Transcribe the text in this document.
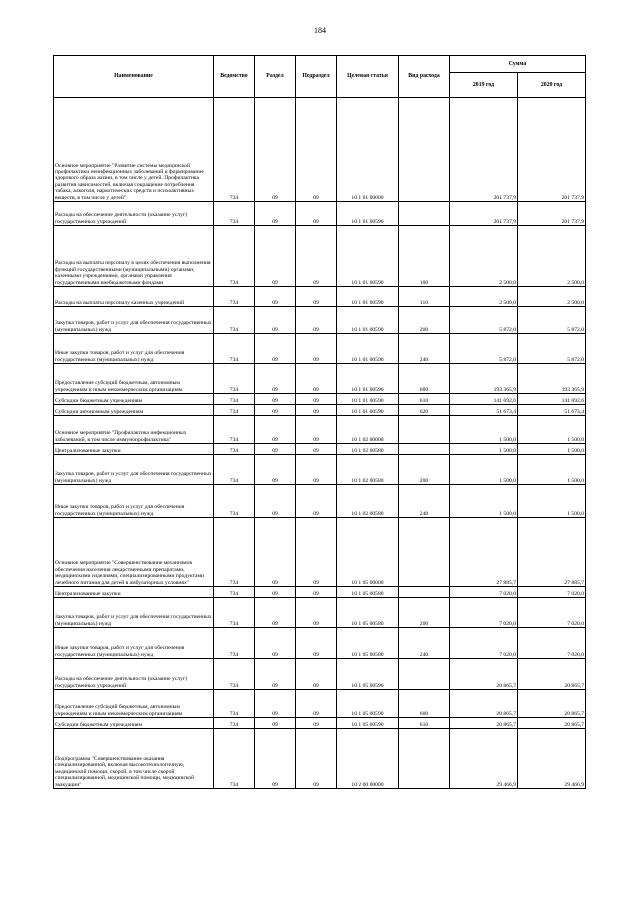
184
Наименование	Ведомство	Раздел	Подраздел	Целевая статья	Вид расхода	Сумма	
						2019 год	2020 год
Основное мероприятие "Развитие системы медицинской профилактики неинфекционных заболеваний и формирование здорового образа жизни, в том числе у детей. Профилактика развития зависимостей, включая сокращение потребления табака, алкоголя, наркотических средств и психоактивных веществ, в том числе у детей"	734	09	09	10 1 01 00000		201 737,9	201 737,9
Расходы на обеспечение деятельности (оказание услуг) государственных учреждений	734	09	09	10 1 01 00590		201 737,9	201 737,9
Расходы на выплаты персоналу в целях обеспечения выполнения функций государственными (муниципальными) органами, казенными учреждениями, органами управления государственными внебюджетными фондами	734	09	09	10 1 01 00590	100	2 500,0	2 500,0
Расходы на выплаты персоналу казенных учреждений	734	09	09	10 1 01 00590	110	2 500,0	2 500,0
Закупка товаров, работ и услуг для обеспечения государственных (муниципальных) нужд	734	09	09	10 1 01 00590	200	5 872,0	5 872,0
Иные закупки товаров, работ и услуг для обеспечения государственных (муниципальных) нужд	734	09	09	10 1 01 00590	240	5 872,0	5 872,0
Предоставление субсидий бюджетным, автономным учреждениям и иным некоммерческим организациям	734	09	09	10 1 01 00590	600	193 365,9	193 365,9
Субсидии бюджетным учреждениям	734	09	09	10 1 01 00590	610	141 692,6	141 692,6
Субсидии автономным учреждениям	734	09	09	10 1 01 00590	620	51 673,4	51 673,4
Основное мероприятие "Профилактика инфекционных заболеваний, в том числе иммунопрофилактика"	734	09	09	10 1 02 00000		1 500,0	1 500,0
Централизованные закупки	734	09	09	10 1 02 00580		1 500,0	1 500,0
Закупка товаров, работ и услуг для обеспечения государственных (муниципальных) нужд	734	09	09	10 1 02 00580	200	1 500,0	1 500,0
Иные закупки товаров, работ и услуг для обеспечения государственных (муниципальных) нужд	734	09	09	10 1 02 00580	240	1 500,0	1 500,0
Основное мероприятие "Совершенствование механизмов обеспечения населения лекарственными препаратами, медицинскими изделиями, специализированными продуктами лечебного питания для детей в амбулаторных условиях"	734	09	09	10 1 05 00000		27 885,7	27 885,7
Централизованные закупки	734	09	09	10 1 05 00580		7 020,0	7 020,0
Закупка товаров, работ и услуг для обеспечения государственных (муниципальных) нужд	734	09	09	10 1 05 00580	200	7 020,0	7 020,0
Иные закупки товаров, работ и услуг для обеспечения государственных (муниципальных) нужд	734	09	09	10 1 05 00580	240	7 020,0	7 020,0
Расходы на обеспечение деятельности (оказание услуг) государственных учреждений	734	09	09	10 1 05 00590		20 865,7	20 865,7
Предоставление субсидий бюджетным, автономным учреждениям и иным некоммерческим организациям	734	09	09	10 1 05 00590	600	20 865,7	20 865,7
Субсидии бюджетным учреждениям	734	09	09	10 1 05 00590	610	20 865,7	20 865,7
Подпрограмма "Совершенствование оказания специализированной, включая высокотехнологичную, медицинской помощи, скорой, в том числе скорой специализированной, медицинской помощи, медицинской эвакуации"	734	09	09	10 2 00 00000		29 466,9	29 466,9
